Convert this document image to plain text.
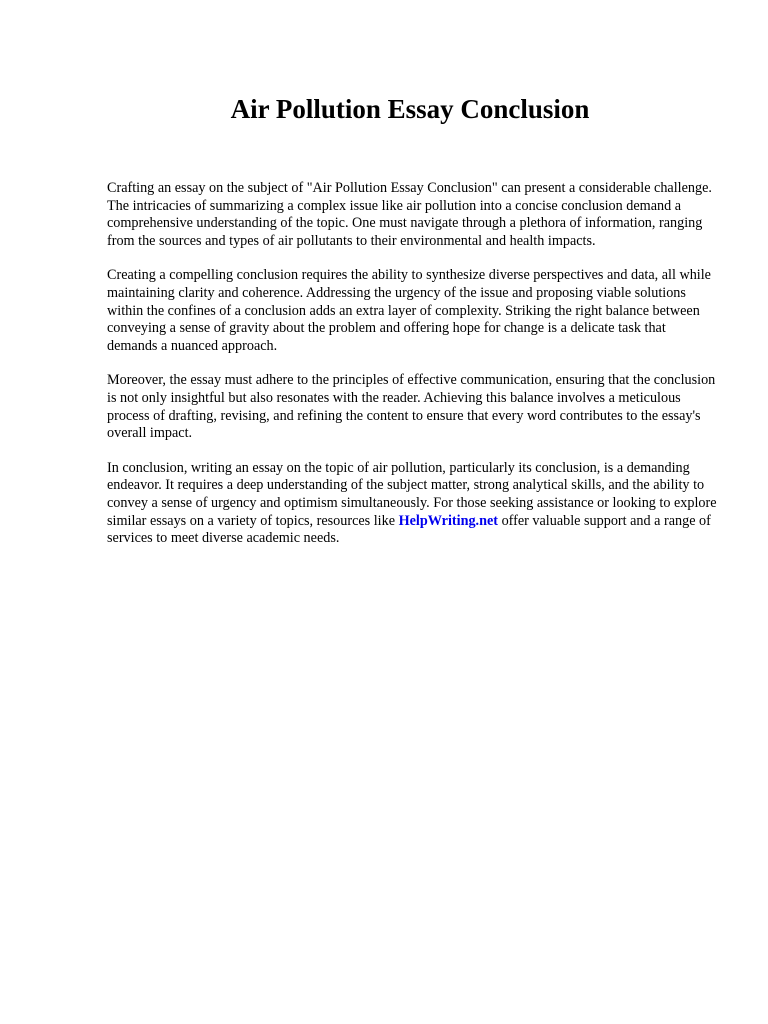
Air Pollution Essay Conclusion

Crafting an essay on the subject of "Air Pollution Essay Conclusion" can present a considerable challenge. The intricacies of summarizing a complex issue like air pollution into a concise conclusion demand a comprehensive understanding of the topic. One must navigate through a plethora of information, ranging from the sources and types of air pollutants to their environmental and health impacts.

Creating a compelling conclusion requires the ability to synthesize diverse perspectives and data, all while maintaining clarity and coherence. Addressing the urgency of the issue and proposing viable solutions within the confines of a conclusion adds an extra layer of complexity. Striking the right balance between conveying a sense of gravity about the problem and offering hope for change is a delicate task that demands a nuanced approach.

Moreover, the essay must adhere to the principles of effective communication, ensuring that the conclusion is not only insightful but also resonates with the reader. Achieving this balance involves a meticulous process of drafting, revising, and refining the content to ensure that every word contributes to the essay's overall impact.

In conclusion, writing an essay on the topic of air pollution, particularly its conclusion, is a demanding endeavor. It requires a deep understanding of the subject matter, strong analytical skills, and the ability to convey a sense of urgency and optimism simultaneously. For those seeking assistance or looking to explore similar essays on a variety of topics, resources like HelpWriting.net offer valuable support and a range of services to meet diverse academic needs.
